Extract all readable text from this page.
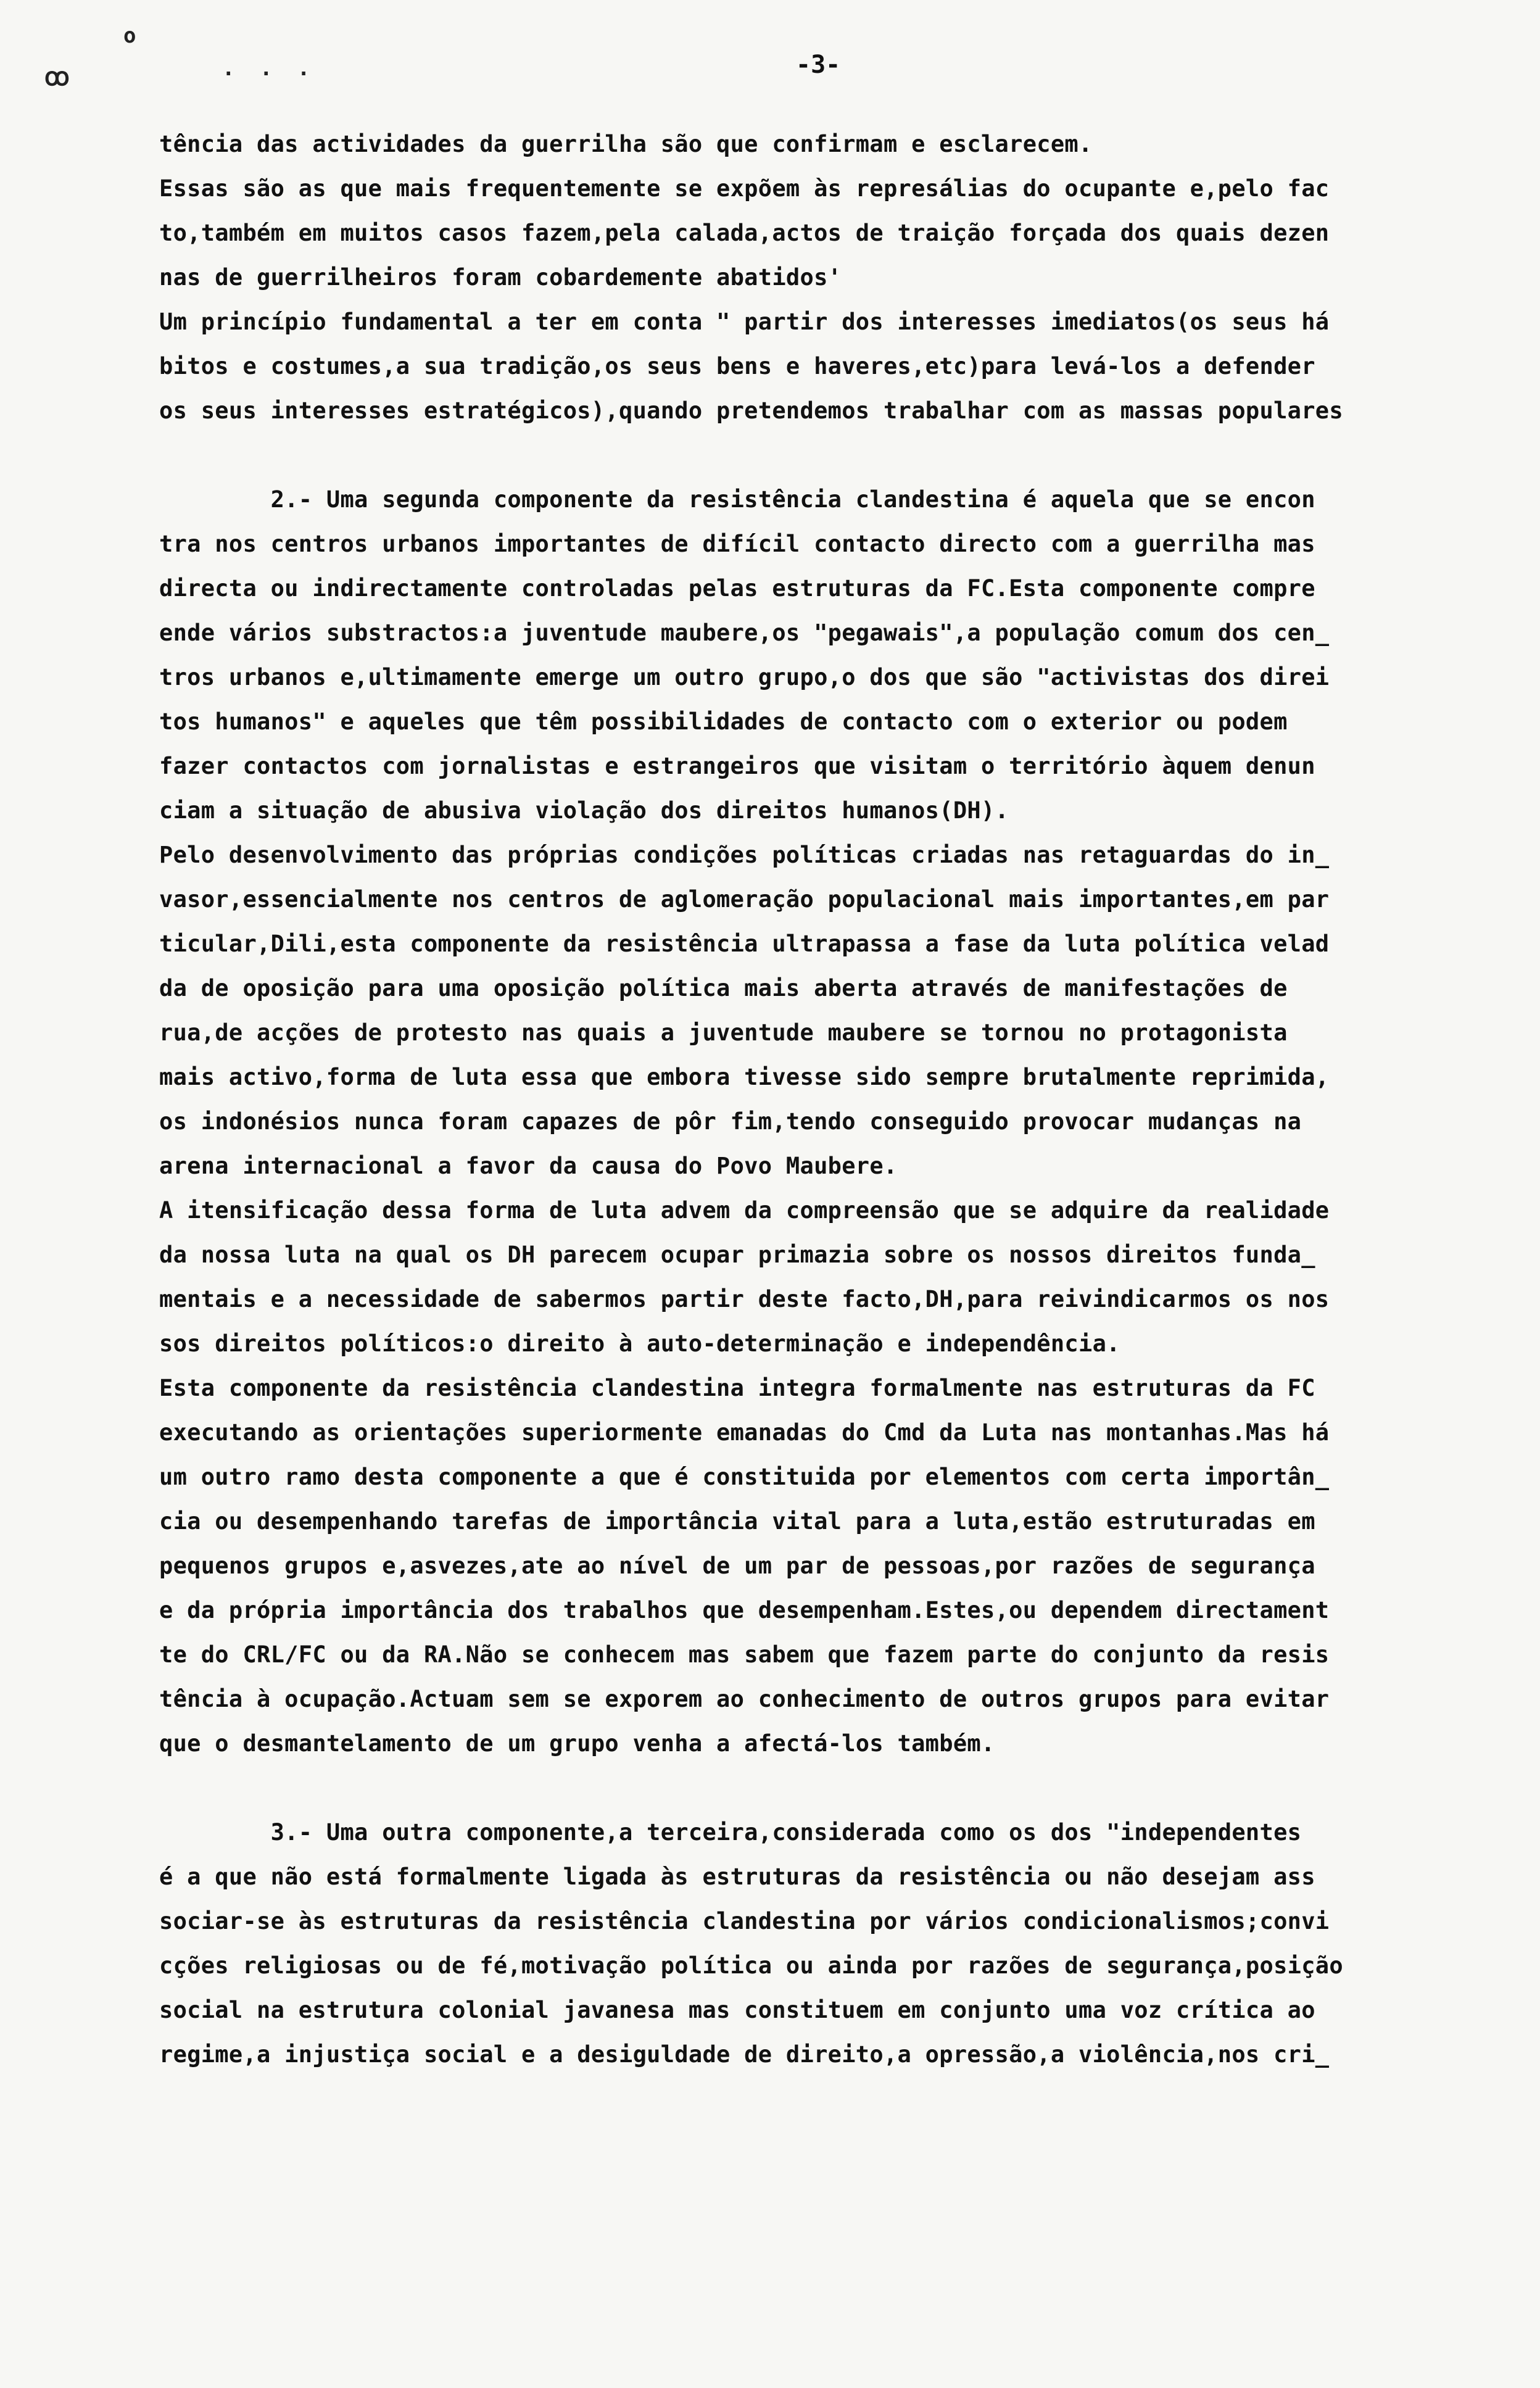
o
ꝏ	· · ·	-3-
tência das actividades da guerrilha são que confirmam e esclarecem.
Essas são as que mais frequentemente se expõem às represálias do ocupante e,pelo fac
to,também em muitos casos fazem,pela calada,actos de traição forçada dos quais dezen
nas de guerrilheiros foram cobardemente abatidos'
Um princípio fundamental a ter em conta " partir dos interesses imediatos(os seus há
bitos e costumes,a sua tradição,os seus bens e haveres,etc)para levá-los a defender
os seus interesses estratégicos),quando pretendemos trabalhar com as massas populares
2.- Uma segunda componente da resistência clandestina é aquela que se encon
tra nos centros urbanos importantes de difícil contacto directo com a guerrilha mas
directa ou indirectamente controladas pelas estruturas da FC.Esta componente compre
ende vários substractos:a juventude maubere,os "pegawais",a população comum dos cen_
tros urbanos e,ultimamente emerge um outro grupo,o dos que são "activistas dos direi
tos humanos" e aqueles que têm possibilidades de contacto com o exterior ou podem
fazer contactos com jornalistas e estrangeiros que visitam o território àquem denun
ciam a situação de abusiva violação dos direitos humanos(DH).
Pelo desenvolvimento das próprias condições políticas criadas nas retaguardas do in_
vasor,essencialmente nos centros de aglomeração populacional mais importantes,em par
ticular,Dili,esta componente da resistência ultrapassa a fase da luta política velad
da de oposição para uma oposição política mais aberta através de manifestações de
rua,de acções de protesto nas quais a juventude maubere se tornou no protagonista
mais activo,forma de luta essa que embora tivesse sido sempre brutalmente reprimida,
os indonésios nunca foram capazes de pôr fim,tendo conseguido provocar mudanças na
arena internacional a favor da causa do Povo Maubere.
A itensificação dessa forma de luta advem da compreensão que se adquire da realidade
da nossa luta na qual os DH parecem ocupar primazia sobre os nossos direitos funda_
mentais e a necessidade de sabermos partir deste facto,DH,para reivindicarmos os nos
sos direitos políticos:o direito à auto-determinação e independência.
Esta componente da resistência clandestina integra formalmente nas estruturas da FC
executando as orientações superiormente emanadas do Cmd da Luta nas montanhas.Mas há
um outro ramo desta componente a que é constituida por elementos com certa importân_
cia ou desempenhando tarefas de importância vital para a luta,estão estruturadas em
pequenos grupos e,asvezes,ate ao nível de um par de pessoas,por razões de segurança
e da própria importância dos trabalhos que desempenham.Estes,ou dependem directament
te do CRL/FC ou da RA.Não se conhecem mas sabem que fazem parte do conjunto da resis
tência à ocupação.Actuam sem se exporem ao conhecimento de outros grupos para evitar
que o desmantelamento de um grupo venha a afectá-los também.
3.- Uma outra componente,a terceira,considerada como os dos "independentes
é a que não está formalmente ligada às estruturas da resistência ou não desejam ass
sociar-se às estruturas da resistência clandestina por vários condicionalismos;convi
cções religiosas ou de fé,motivação política ou ainda por razões de segurança,posição
social na estrutura colonial javanesa mas constituem em conjunto uma voz crítica ao
regime,a injustiça social e a desiguldade de direito,a opressão,a violência,nos cri_
